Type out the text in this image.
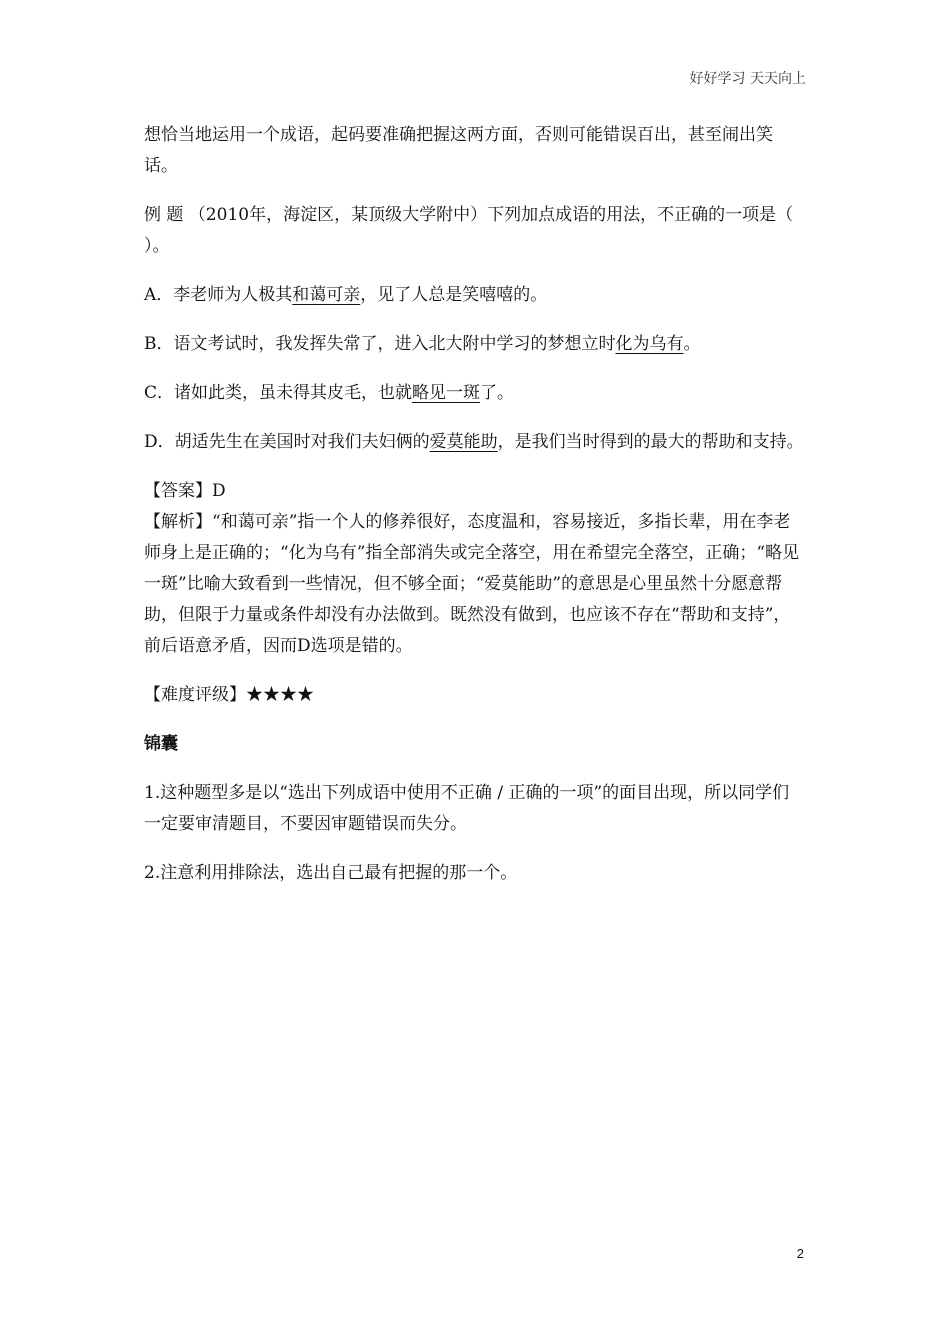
好好学习 天天向上

想恰当地运用一个成语，起码要准确把握这两方面，否则可能错误百出，甚至闹出笑话。

例 题 （2010年，海淀区，某顶级大学附中）下列加点成语的用法，不正确的一项是（ ）。

A．李老师为人极其和蔼可亲，见了人总是笑嘻嘻的。

B．语文考试时，我发挥失常了，进入北大附中学习的梦想立时化为乌有。

C．诸如此类，虽未得其皮毛，也就略见一斑了。

D．胡适先生在美国时对我们夫妇俩的爱莫能助，是我们当时得到的最大的帮助和支持。

【答案】D

【解析】“和蔼可亲”指一个人的修养很好，态度温和，容易接近，多指长辈，用在李老师身上是正确的；“化为乌有”指全部消失或完全落空，用在希望完全落空，正确；“略见一斑”比喻大致看到一些情况，但不够全面；“爱莫能助”的意思是心里虽然十分愿意帮助，但限于力量或条件却没有办法做到。既然没有做到，也应该不存在“帮助和支持”，前后语意矛盾，因而D选项是错的。

【难度评级】★★★★

锦囊

1.这种题型多是以“选出下列成语中使用不正确 / 正确的一项”的面目出现，所以同学们一定要审清题目，不要因审题错误而失分。

2.注意利用排除法，选出自己最有把握的那一个。

2
